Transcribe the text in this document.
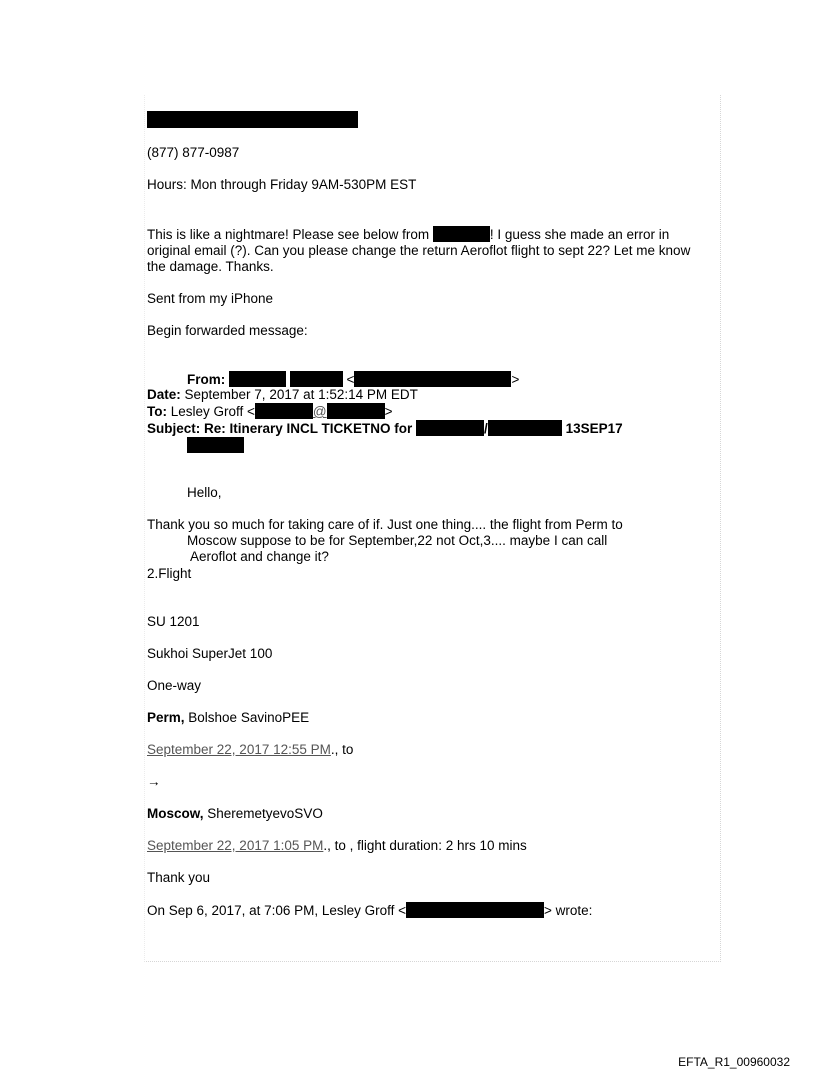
(877) 877-0987
Hours: Mon through Friday 9AM-530PM EST
This is like a nightmare! Please see below from	! I guess she made an error in
original email (?). Can you please change the return Aeroflot flight to sept 22? Let me know
the damage. Thanks.
Sent from my iPhone
Begin forwarded message:
From:	<	>
Date: September 7, 2017 at 1:52:14 PM EDT
To: Lesley Groff <	@	>
Subject: Re: Itinerary INCL TICKETNO for	/	13SEP17
Hello,
Thank you so much for taking care of if. Just one thing.... the flight from Perm to
Moscow suppose to be for September,22 not Oct,3.... maybe I can call
Aeroflot and change it?
2.Flight
SU 1201
Sukhoi SuperJet 100
One-way
Perm, Bolshoe SavinoPEE
September 22, 2017 12:55 PM., to
→
Moscow, SheremetyevoSVO
September 22, 2017 1:05 PM., to , flight duration: 2 hrs 10 mins
Thank you
On Sep 6, 2017, at 7:06 PM, Lesley Groff <	> wrote:
EFTA_R1_00960032
